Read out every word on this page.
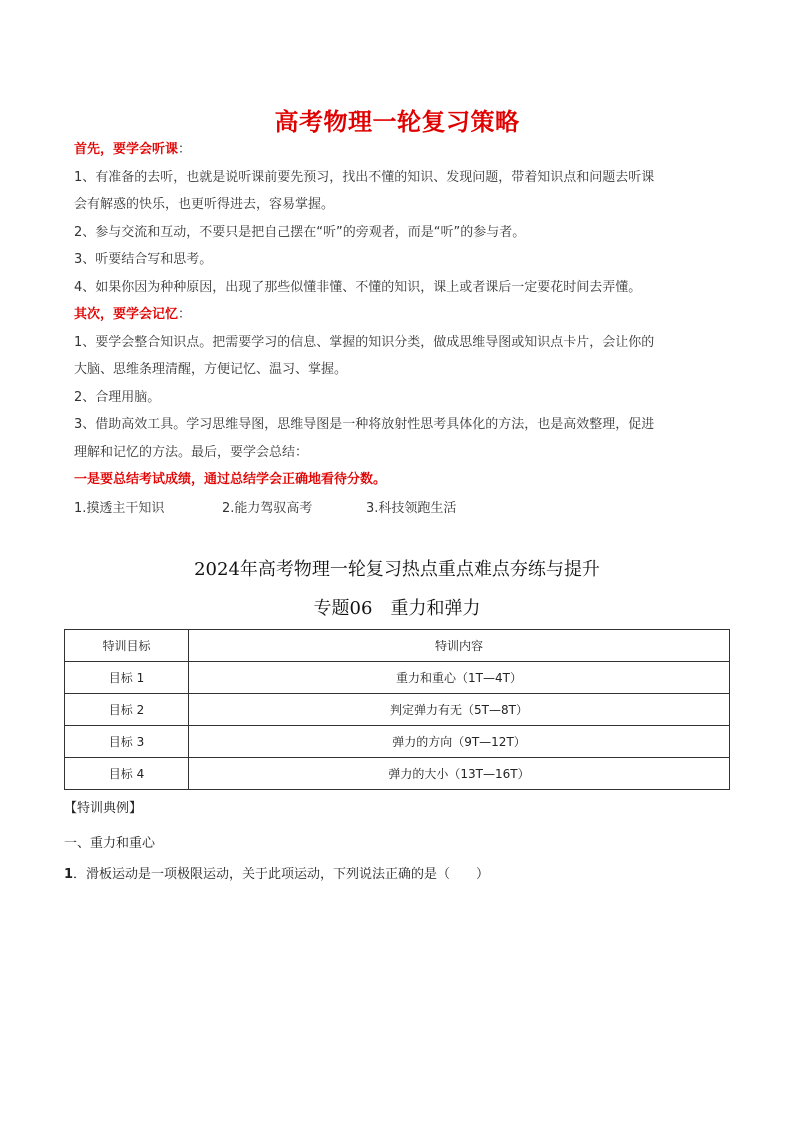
高考物理一轮复习策略
首先，要学会听课：
1、有准备的去听，也就是说听课前要先预习，找出不懂的知识、发现问题，带着知识点和问题去听课
会有解惑的快乐，也更听得进去，容易掌握。
2、参与交流和互动，不要只是把自己摆在“听”的旁观者，而是“听”的参与者。
3、听要结合写和思考。
4、如果你因为种种原因，出现了那些似懂非懂、不懂的知识，课上或者课后一定要花时间去弄懂。
其次，要学会记忆：
1、要学会整合知识点。把需要学习的信息、掌握的知识分类，做成思维导图或知识点卡片，会让你的
大脑、思维条理清醒，方便记忆、温习、掌握。
2、合理用脑。
3、借助高效工具。学习思维导图，思维导图是一种将放射性思考具体化的方法，也是高效整理，促进
理解和记忆的方法。最后，要学会总结：
一是要总结考试成绩，通过总结学会正确地看待分数。
1.摸透主干知识	2.能力驾驭高考	3.科技领跑生活
2024年高考物理一轮复习热点重点难点夯练与提升
专题06　重力和弹力
特训目标	特训内容
目标 1	重力和重心（1T—4T）
目标 2	判定弹力有无（5T—8T）
目标 3	弹力的方向（9T—12T）
目标 4	弹力的大小（13T—16T）
【特训典例】
一、重力和重心
1．滑板运动是一项极限运动，关于此项运动，下列说法正确的是（　　）
